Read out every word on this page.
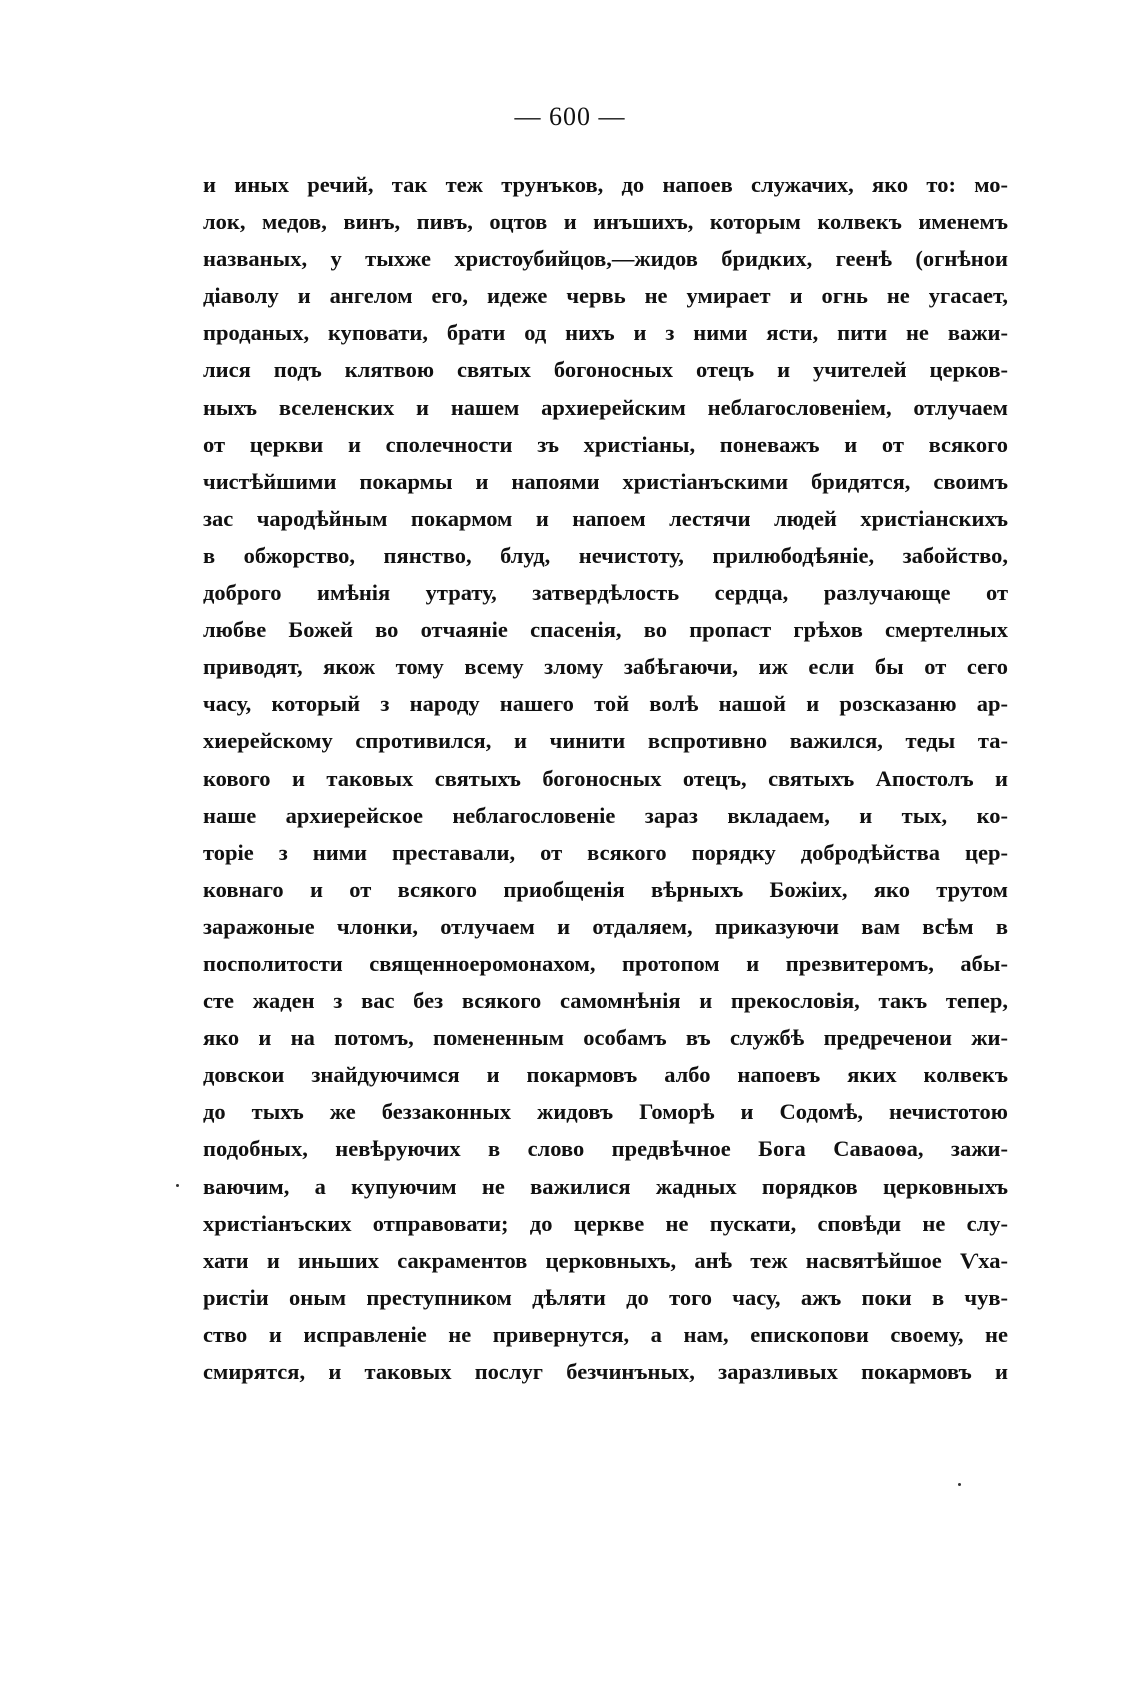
— 600 —
и иных речий, так теж трунъков, до напоев служачих, яко то: мо-
лок, медов, винъ, пивъ, оцтов и инъшихъ, которым колвекъ именемъ
названых, у тыхже христоубийцов,—жидов бридких, геенѣ (огнѣнои
діаволу и ангелом его, идеже червь не умирает и огнь не угасает,
проданых, куповати, брати од нихъ и з ними ясти, пити не важи-
лися подъ клятвою святых богоносных отецъ и учителей церков-
ныхъ вселенских и нашем архиерейским неблагословенiем, отлучаем
от церкви и сполечности зъ христiаны, поневажъ и от всякого
чистѣйшими покармы и напоями христiанъскими бридятся, своимъ
зас чародѣйным покармом и напоем лестячи людей христiанскихъ
в обжорство, пянство, блуд, нечистоту, прилюбодѣянiе, забойство,
доброго имѣнiя утрату, затвердѣлость сердца, разлучающе от
любве Божей во отчаянiе спасенiя, во пропаст грѣхов смертелных
приводят, якож тому всему злому забѣгаючи, иж если бы от сего
часу, который з народу нашего той волѣ нашой и розсказаню ар-
хиерейскому спротивился, и чинити вспротивно важился, теды та-
кового и таковых святыхъ богоносных отецъ, святыхъ Апостолъ и
наше архиерейское неблагословенiе зараз вкладаем, и тых, ко-
торiе з ними преставали, от всякого порядку добродѣйства цер-
ковнаго и от всякого приобщенiя вѣрныхъ Божiих, яко трутом
заражоные члонки, отлучаем и отдаляем, приказуючи вам всѣм в
посполитости священноеромонахом, протопом и презвитеромъ, абы-
сте жаден з вас без всякого самомнѣнiя и прекословiя, такъ тепер,
яко и на потомъ, помененным особамъ въ службѣ предреченои жи-
довскои знайдуючимся и покармовъ албо напоевъ яких колвекъ
до тыхъ же беззаконных жидовъ Гоморѣ и Содомѣ, нечистотою
подобных, невѣруючих в слово предвѣчное Бога Саваоѳа, зажи-
ваючим, а купуючим не важилися жадных порядков церковныхъ
христiанъских отправовати; до церкве не пускати, сповѣди не слу-
хати и иньших сакраментов церковныхъ, анѣ теж насвятѣйшое Ѵха-
ристiи оным преступником дѣляти до того часу, ажъ поки в чув-
ство и исправленiе не привернутся, а нам, епископови своему, не
смирятся, и таковых послуг безчинъных, заразливых покармовъ и
